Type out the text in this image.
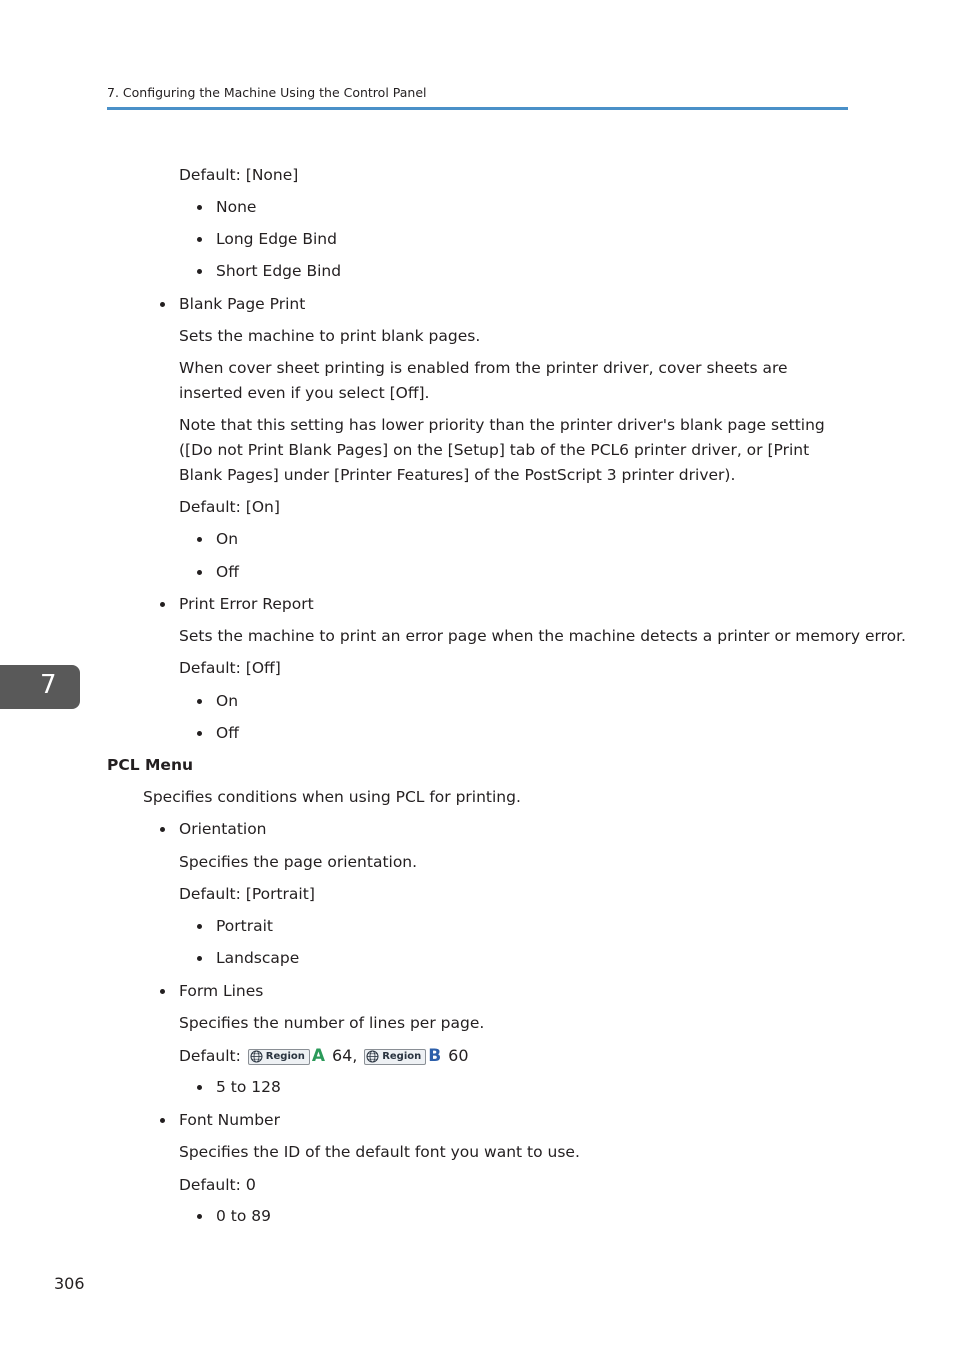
7. Configuring the Machine Using the Control Panel
7
Default: [None]
None
Long Edge Bind
Short Edge Bind
Blank Page Print
Sets the machine to print blank pages.
When cover sheet printing is enabled from the printer driver, cover sheets are inserted even if you select [Off].
Note that this setting has lower priority than the printer driver's blank page setting ([Do not Print Blank Pages] on the [Setup] tab of the PCL6 printer driver, or [Print Blank Pages] under [Printer Features] of the PostScript 3 printer driver).
Default: [On]
On
Off
Print Error Report
Sets the machine to print an error page when the machine detects a printer or memory error.
Default: [Off]
On
Off
PCL Menu
Specifies conditions when using PCL for printing.
Orientation
Specifies the page orientation.
Default: [Portrait]
Portrait
Landscape
Form Lines
Specifies the number of lines per page.
Default: Region A 64, Region B 60
5 to 128
Font Number
Specifies the ID of the default font you want to use.
Default: 0
0 to 89
306
